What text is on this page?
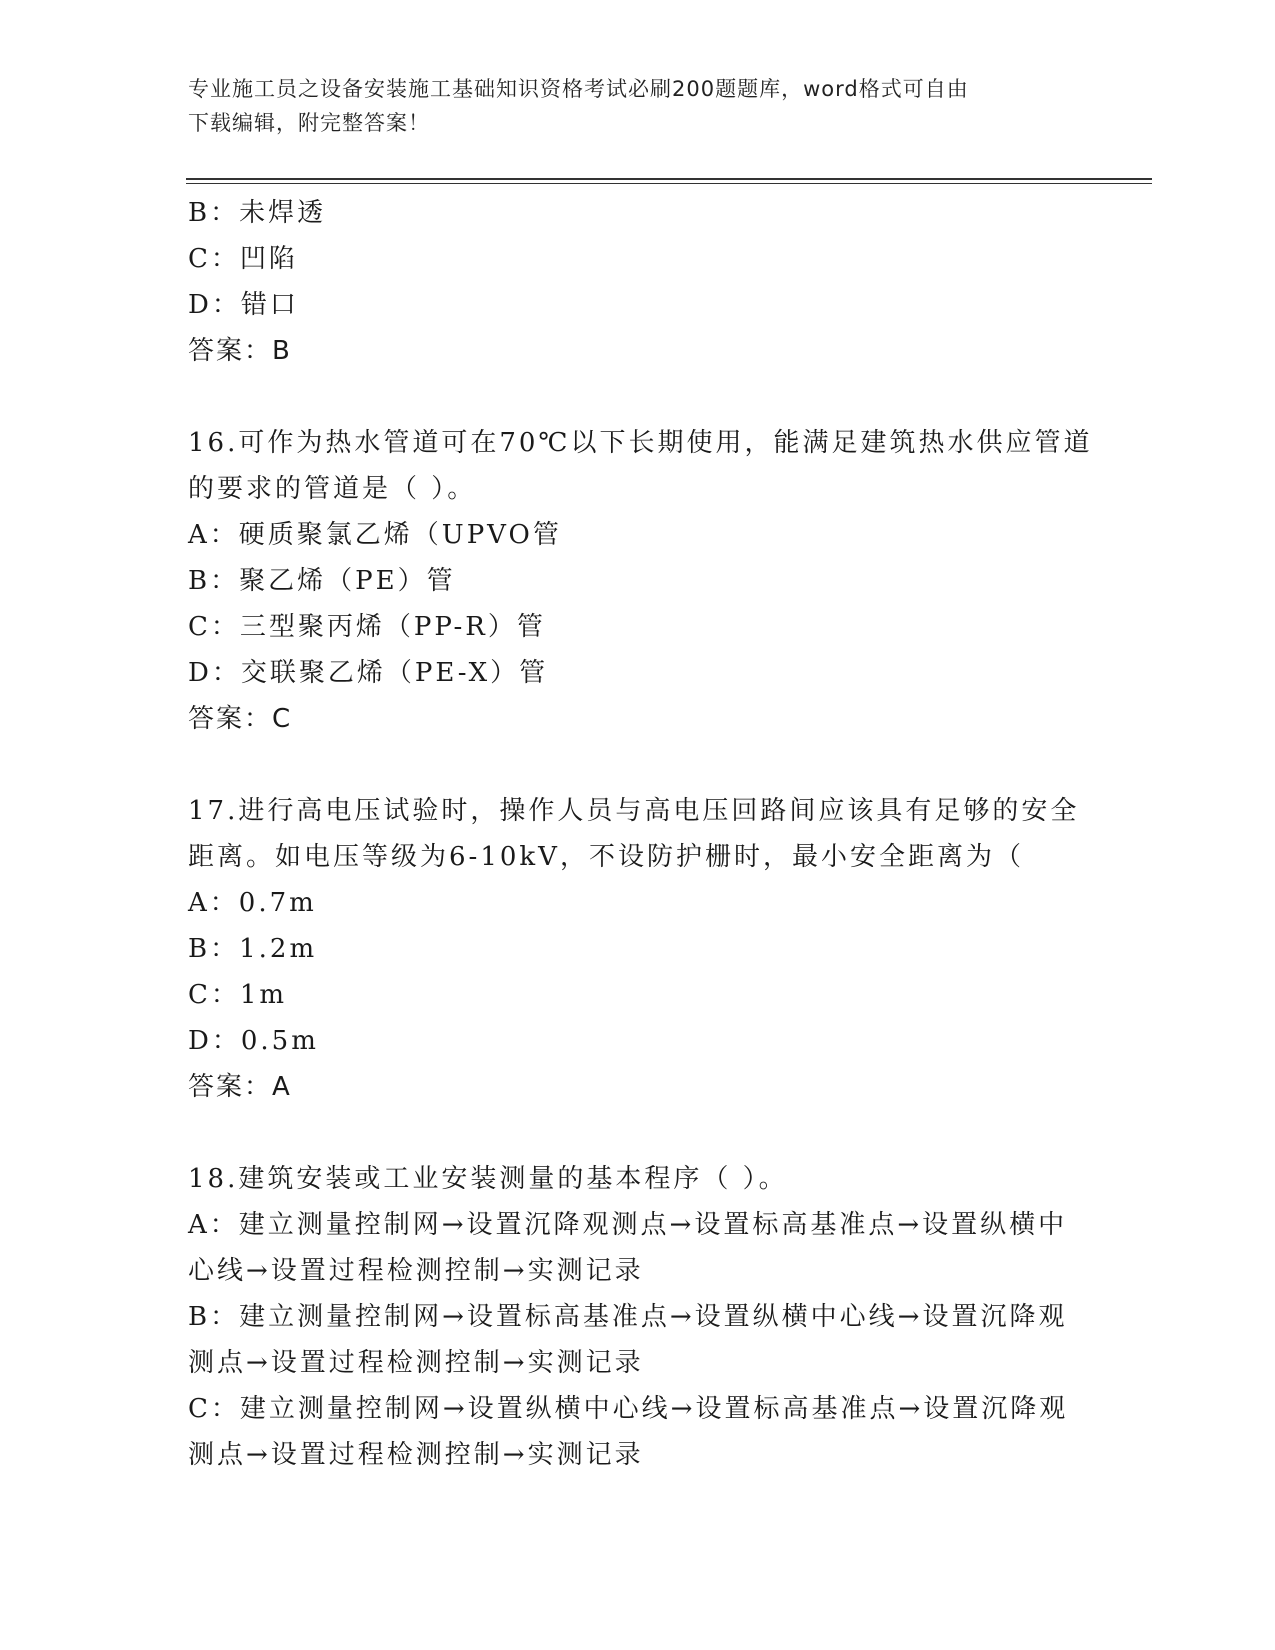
专业施工员之设备安装施工基础知识资格考试必刷200题题库，word格式可自由
下载编辑，附完整答案！
B：未焊透
C：凹陷
D：错口
答案：B
16.可作为热水管道可在70℃以下长期使用，能满足建筑热水供应管道
的要求的管道是（ ）。
A：硬质聚氯乙烯（UPVO管
B：聚乙烯（PE）管
C：三型聚丙烯（PP-R）管
D：交联聚乙烯（PE-X）管
答案：C
17.进行高电压试验时，操作人员与高电压回路间应该具有足够的安全
距离。如电压等级为6-10kV，不设防护栅时，最小安全距离为（
A：0.7m
B：1.2m
C：1m
D：0.5m
答案：A
18.建筑安装或工业安装测量的基本程序（ ）。
A：建立测量控制网→设置沉降观测点→设置标高基准点→设置纵横中
心线→设置过程检测控制→实测记录
B：建立测量控制网→设置标高基准点→设置纵横中心线→设置沉降观
测点→设置过程检测控制→实测记录
C：建立测量控制网→设置纵横中心线→设置标高基准点→设置沉降观
测点→设置过程检测控制→实测记录
